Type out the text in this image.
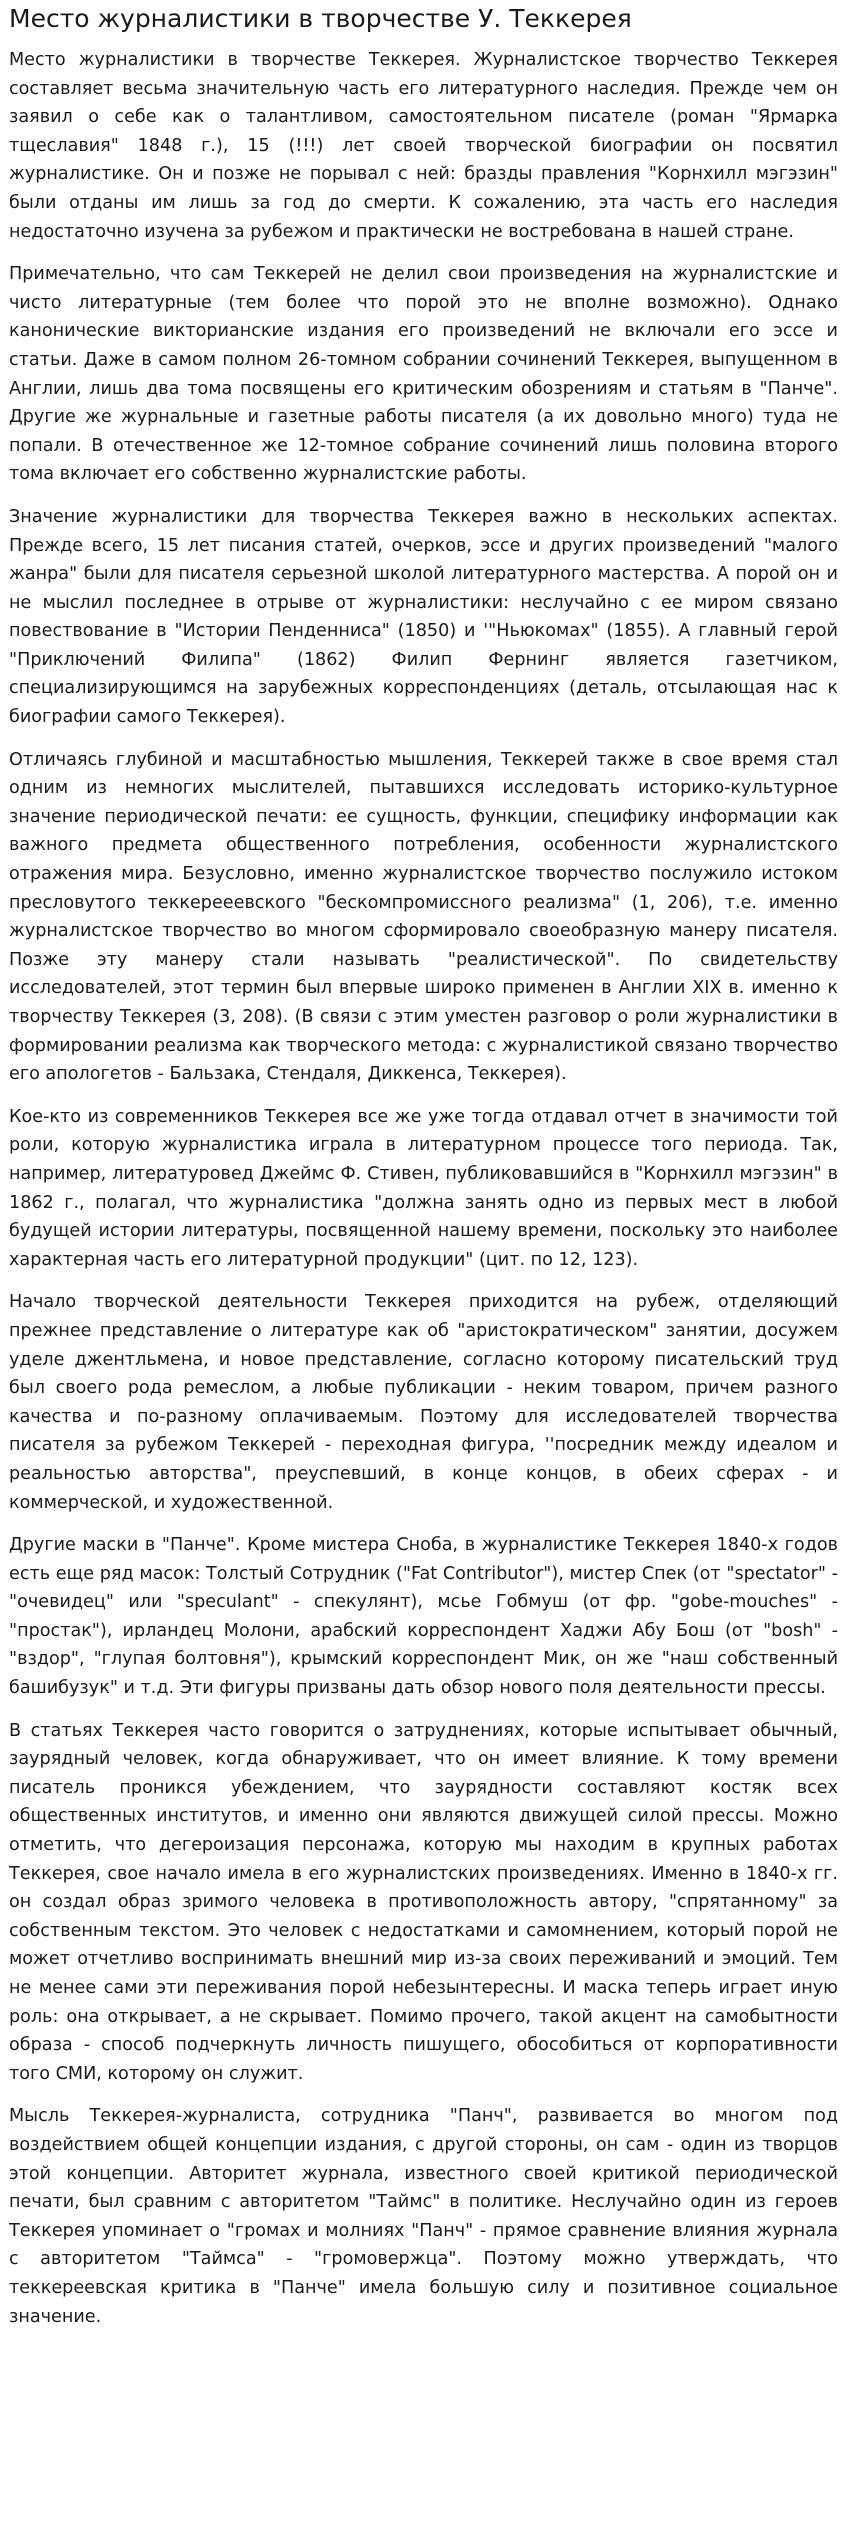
Место журналистики в творчестве У. Теккерея

Место журналистики в творчестве Теккерея. Журналистское творчество Теккерея составляет весьма значительную часть его литературного наследия. Прежде чем он заявил о себе как о талантливом, самостоятельном писателе (роман "Ярмарка тщеславия" 1848 г.), 15 (!!!) лет своей творческой биографии он посвятил журналистике. Он и позже не порывал с ней: бразды правления "Корнхилл мэгэзин" были отданы им лишь за год до смерти. К сожалению, эта часть его наследия недостаточно изучена за рубежом и практически не востребована в нашей стране.

Примечательно, что сам Теккерей не делил свои произведения на журналистские и чисто литературные (тем более что порой это не вполне возможно). Однако канонические викторианские издания его произведений не включали его эссе и статьи. Даже в самом полном 26-томном собрании сочинений Теккерея, выпущенном в Англии, лишь два тома посвящены его критическим обозрениям и статьям в "Панче". Другие же журнальные и газетные работы писателя (а их довольно много) туда не попали. В отечественное же 12-томное собрание сочинений лишь половина второго тома включает его собственно журналистские работы.

Значение журналистики для творчества Теккерея важно в нескольких аспектах. Прежде всего, 15 лет писания статей, очерков, эссе и других произведений "малого жанра" были для писателя серьезной школой литературного мастерства. А порой он и не мыслил последнее в отрыве от журналистики: неслучайно с ее миром связано повествование в "Истории Пенденниса" (1850) и '"Ньюкомах" (1855). А главный герой "Приключений Филипа" (1862) Филип Фернинг является газетчиком, специализирующимся на зарубежных корреспонденциях (деталь, отсылающая нас к биографии самого Теккерея).

Отличаясь глубиной и масштабностью мышления, Теккерей также в свое время стал одним из немногих мыслителей, пытавшихся исследовать историко-культурное значение периодической печати: ее сущность, функции, специфику информации как важного предмета общественного потребления, особенности журналистского отражения мира. Безусловно, именно журналистское творчество послужило истоком пресловутого теккерееевского "бескомпромиссного реализма" (1, 206), т.е. именно журналистское творчество во многом сформировало своеобразную манеру писателя. Позже эту манеру стали называть "реалистической". По свидетельству исследователей, этот термин был впервые широко применен в Англии XIX в. именно к творчеству Теккерея (3, 208). (В связи с этим уместен разговор о роли журналистики в формировании реализма как творческого метода: с журналистикой связано творчество его апологетов - Бальзака, Стендаля, Диккенса, Теккерея).

Кое-кто из современников Теккерея все же уже тогда отдавал отчет в значимости той роли, которую журналистика играла в литературном процессе того периода. Так, например, литературовед Джеймс Ф. Стивен, публиковавшийся в "Корнхилл мэгэзин" в 1862 г., полагал, что журналистика "должна занять одно из первых мест в любой будущей истории литературы, посвященной нашему времени, поскольку это наиболее характерная часть его литературной продукции" (цит. по 12, 123).

Начало творческой деятельности Теккерея приходится на рубеж, отделяющий прежнее представление о литературе как об "аристократическом" занятии, досужем уделе джентльмена, и новое представление, согласно которому писательский труд был своего рода ремеслом, а любые публикации - неким товаром, причем разного качества и по-разному оплачиваемым. Поэтому для исследователей творчества писателя за рубежом Теккерей - переходная фигура, ''посредник между идеалом и реальностью авторства", преуспевший, в конце концов, в обеих сферах - и коммерческой, и художественной.

Другие маски в "Панче". Кроме мистера Сноба, в журналистике Теккерея 1840-х годов есть еще ряд масок: Толстый Сотрудник ("Fat Contributor"), мистер Спек (от "spectator" - "очевидец" или "speculant" - спекулянт), мсье Гобмуш (от фр. "gobe-mouches" - "простак"), ирландец Молони, арабский корреспондент Хаджи Абу Бош (от "bosh" - "вздор", "глупая болтовня"), крымский корреспондент Мик, он же "наш собственный башибузук" и т.д. Эти фигуры призваны дать обзор нового поля деятельности прессы.

В статьях Теккерея часто говорится о затруднениях, которые испытывает обычный, заурядный человек, когда обнаруживает, что он имеет влияние. К тому времени писатель проникся убеждением, что заурядности составляют костяк всех общественных институтов, и именно они являются движущей силой прессы. Можно отметить, что дегероизация персонажа, которую мы находим в крупных работах Теккерея, свое начало имела в его журналистских произведениях. Именно в 1840-х гг. он создал образ зримого человека в противоположность автору, "спрятанному" за собственным текстом. Это человек с недостатками и самомнением, который порой не может отчетливо воспринимать внешний мир из-за своих переживаний и эмоций. Тем не менее сами эти переживания порой небезынтересны. И маска теперь играет иную роль: она открывает, а не скрывает. Помимо прочего, такой акцент на самобытности образа - способ подчеркнуть личность пишущего, обособиться от корпоративности того СМИ, которому он служит.

Мысль Теккерея-журналиста, сотрудника "Панч", развивается во многом под воздействием общей концепции издания, с другой стороны, он сам - один из творцов этой концепции. Авторитет журнала, известного своей критикой периодической печати, был сравним с авторитетом "Таймс" в политике. Неслучайно один из героев Теккерея упоминает о "громах и молниях "Панч" - прямое сравнение влияния журнала с авторитетом "Таймса" - "громовержца". Поэтому можно утверждать, что теккереевская критика в "Панче" имела большую силу и позитивное социальное значение.
